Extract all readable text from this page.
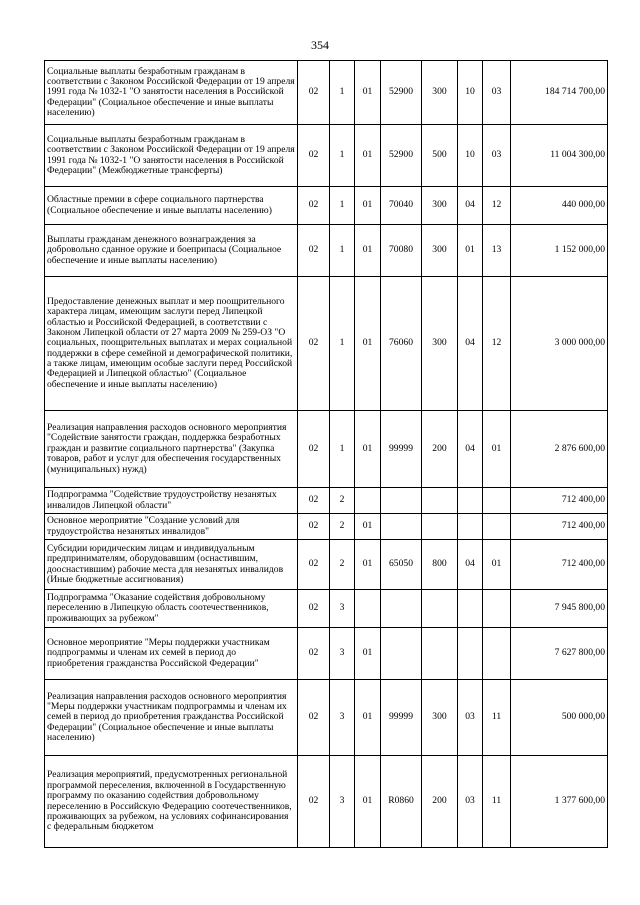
354
Социальные выплаты безработным гражданам в соответствии с Законом Российской Федерации от 19 апреля 1991 года № 1032-1 "О занятости населения в Российской Федерации" (Социальное обеспечение и иные выплаты населению)	02	1	01	52900	300	10	03	184 714 700,00
Социальные выплаты безработным гражданам в соответствии с Законом Российской Федерации от 19 апреля 1991 года № 1032-1 "О занятости населения в Российской Федерации" (Межбюджетные трансферты)	02	1	01	52900	500	10	03	11 004 300,00
Областные премии в сфере социального партнерства (Социальное обеспечение и иные выплаты населению)	02	1	01	70040	300	04	12	440 000,00
Выплаты гражданам денежного вознаграждения за добровольно сданное оружие и боеприпасы (Социальное обеспечение и иные выплаты населению)	02	1	01	70080	300	01	13	1 152 000,00
Предоставление денежных выплат и мер поощрительного характера лицам, имеющим заслуги перед Липецкой областью и Российской Федерацией, в соответствии с Законом Липецкой области от 27 марта 2009 № 259-ОЗ "О социальных, поощрительных выплатах и мерах социальной поддержки в сфере семейной и демографической политики, а также лицам, имеющим особые заслуги перед Российской Федерацией и Липецкой областью" (Социальное обеспечение и иные выплаты населению)	02	1	01	76060	300	04	12	3 000 000,00
Реализация направления расходов основного мероприятия "Содействие занятости граждан, поддержка безработных граждан и развитие социального партнерства" (Закупка товаров, работ и услуг для обеспечения государственных (муниципальных) нужд)	02	1	01	99999	200	04	01	2 876 600,00
Подпрограмма "Содействие трудоустройству незанятых инвалидов Липецкой области"	02	2						712 400,00
Основное мероприятие "Создание условий для трудоустройства незанятых инвалидов"	02	2	01					712 400,00
Субсидии юридическим лицам и индивидуальным предпринимателям, оборудовавшим (оснастившим, дооснастившим) рабочие места для незанятых инвалидов (Иные бюджетные ассигнования)	02	2	01	65050	800	04	01	712 400,00
Подпрограмма "Оказание содействия добровольному переселению в Липецкую область соотечественников, проживающих за рубежом"	02	3						7 945 800,00
Основное мероприятие "Меры поддержки участникам подпрограммы и членам их семей в период до приобретения гражданства Российской Федерации"	02	3	01					7 627 800,00
Реализация направления расходов основного мероприятия "Меры поддержки участникам подпрограммы и членам их семей в период до приобретения гражданства Российской Федерации" (Социальное обеспечение и иные выплаты населению)	02	3	01	99999	300	03	11	500 000,00
Реализация мероприятий, предусмотренных региональной программой переселения, включенной в Государственную программу по оказанию содействия добровольному переселению в Российскую Федерацию соотечественников, проживающих за рубежом, на условиях софинансирования с федеральным бюджетом	02	3	01	R0860	200	03	11	1 377 600,00
